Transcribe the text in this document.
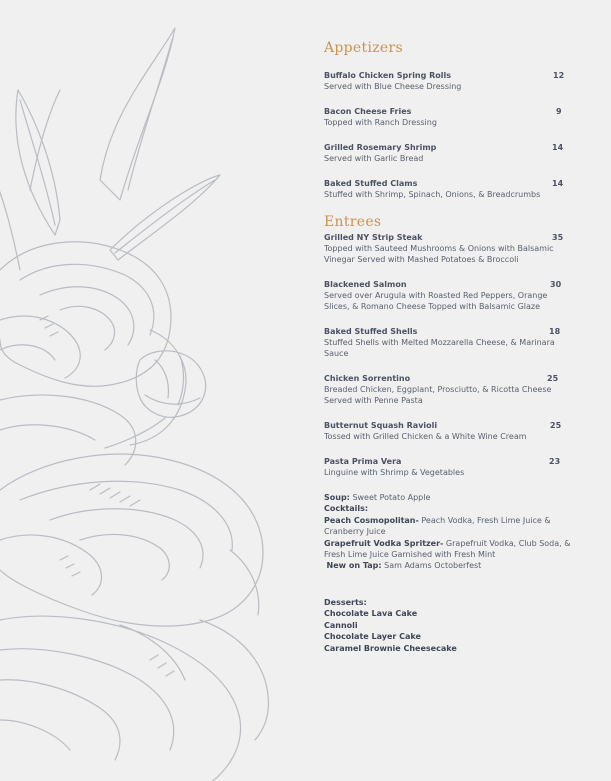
Appetizers
Buffalo Chicken Spring Rolls	12
Served with Blue Cheese Dressing
Bacon Cheese Fries	9
Topped with Ranch Dressing
Grilled Rosemary Shrimp	14
Served with Garlic Bread
Baked Stuffed Clams	14
Stuffed with Shrimp, Spinach, Onions, & Breadcrumbs
Entrees
Grilled NY Strip Steak	35
Topped with Sauteed Mushrooms & Onions with Balsamic Vinegar Served with Mashed Potatoes & Broccoli
Blackened Salmon	30
Served over Arugula with Roasted Red Peppers, Orange Slices, & Romano Cheese Topped with Balsamic Glaze
Baked Stuffed Shells	18
Stuffed Shells with Melted Mozzarella Cheese, & Marinara Sauce
Chicken Sorrentino	25
Breaded Chicken, Eggplant, Prosciutto, & Ricotta Cheese Served with Penne Pasta
Butternut Squash Ravioli	25
Tossed with Grilled Chicken & a White Wine Cream
Pasta Prima Vera	23
Linguine with Shrimp & Vegetables
Soup: Sweet Potato Apple
Cocktails:
Peach Cosmopolitan- Peach Vodka, Fresh Lime Juice & Cranberry Juice
Grapefruit Vodka Spritzer- Grapefruit Vodka, Club Soda, & Fresh Lime Juice Garnished with Fresh Mint
New on Tap: Sam Adams Octoberfest
Desserts:
Chocolate Lava Cake
Cannoli
Chocolate Layer Cake
Caramel Brownie Cheesecake
